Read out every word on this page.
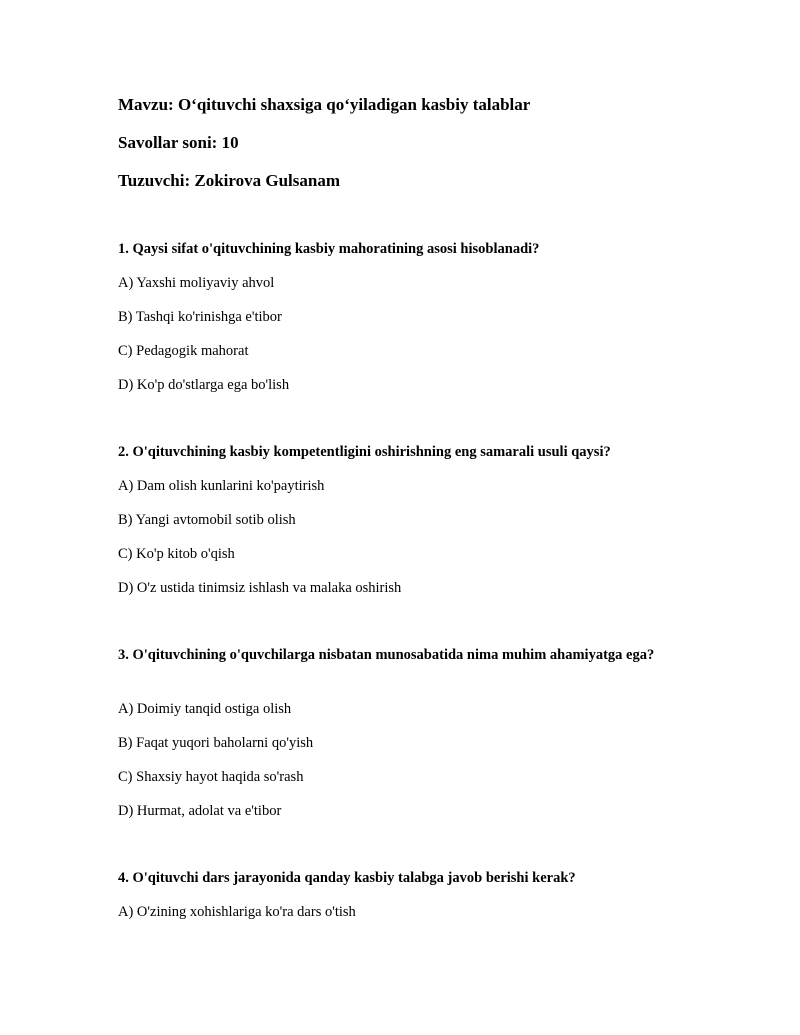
Mavzu: O‘qituvchi shaxsiga qo‘yiladigan kasbiy talablar
Savollar soni: 10
Tuzuvchi: Zokirova Gulsanam
1. Qaysi sifat o'qituvchining kasbiy mahoratining asosi hisoblanadi?
A) Yaxshi moliyaviy ahvol
B) Tashqi ko'rinishga e'tibor
C) Pedagogik mahorat
D) Ko'p do'stlarga ega bo'lish
2. O'qituvchining kasbiy kompetentligini oshirishning eng samarali usuli qaysi?
A) Dam olish kunlarini ko'paytirish
B) Yangi avtomobil sotib olish
C) Ko'p kitob o'qish
D) O'z ustida tinimsiz ishlash va malaka oshirish
3. O'qituvchining o'quvchilarga nisbatan munosabatida nima muhim ahamiyatga ega?
A) Doimiy tanqid ostiga olish
B) Faqat yuqori baholarni qo'yish
C) Shaxsiy hayot haqida so'rash
D) Hurmat, adolat va e'tibor
4. O'qituvchi dars jarayonida qanday kasbiy talabga javob berishi kerak?
A) O'zining xohishlariga ko'ra dars o'tish
